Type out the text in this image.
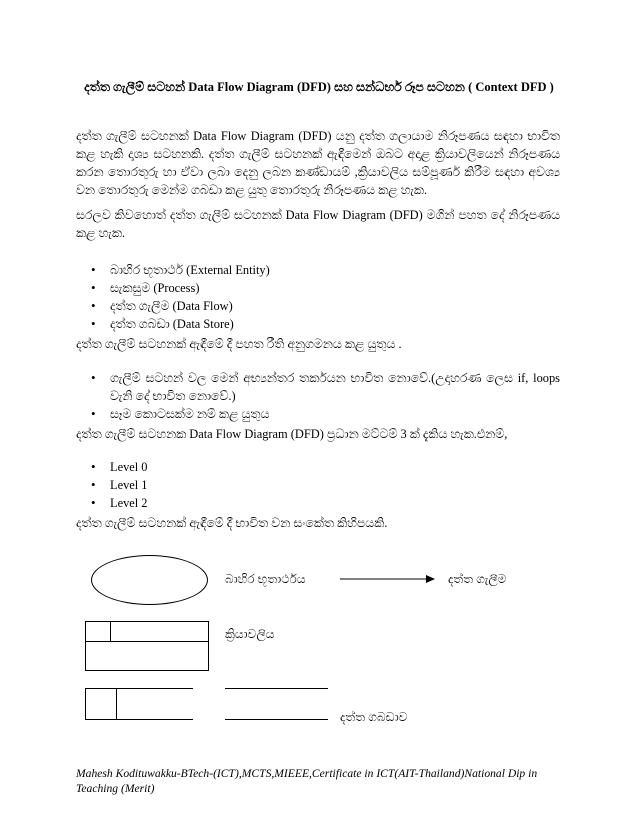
දත්ත ගැලීම් සටහන් Data Flow Diagram (DFD) සහ සන්ධර්භ රූප සටහන ( Context DFD )
දත්ත ගැලීම් සටහනක් Data Flow Diagram (DFD) යනු දත්ත ගලායාම නිරූපණය සඳහා භාවිත කළ හැකි දෘශ්‍ය සටහනකි. දත්ත ගැලීම් සටහනක් ඇඳීමෙන් ඔබට අදාළ ක්‍රියාවලියෙන් නිරූපණය කරන තොරතුරු හා ඒවා ලබා දෙනු ලබන කණ්ඩායම් ,ක්‍රියාවලිය සම්පූර්ණ කිරීම සඳහා අවශ්‍ය වන තොරතුරු මෙන්ම ගබඩා කළ යුතු තොරතුරු නිරූපණය කළ හැක.
සරලව කිවහොත් දත්ත ගැලීම් සටහනක් Data Flow Diagram (DFD) මගින් පහත දේ නිරූපණය කළ හැක.
• බාහිර භූතාර්ථ (External Entity)
• සැකසුම (Process)
• දත්ත ගැලීම (Data Flow)
• දත්ත ගබඩා (Data Store)
දත්ත ගැලීම් සටහනක් ඇඳීමේ දී පහත රීති අනුගමනය කළ යුතුය .
• ගැලීම් සටහන් වල මෙන් අභ්‍යන්තර තර්කයන භාවිත නොවේ.(උදාහරණ ලෙස if, loops වැනි දේ භාවිත නොවේ.)
• සෑම කොටසක්ම නම් කළ යුතුය
දත්ත ගැලීම් සටහනක Data Flow Diagram (DFD) ප්‍රධාන මට්ටම් 3 ක් දැකිය හැක.එනම්,
• Level 0
• Level 1
• Level 2
දත්ත ගැලීම් සටහනක් ඇඳීමේ දී භාවිත වන සංකේත කිහිපයකි.
බාහිර භූතාර්ථය	දත්ත ගැලීම
ක්‍රියාවලිය
දත්ත ගබඩාව
Mahesh Kodituwakku-BTech-(ICT),MCTS,MIEEE,Certificate in ICT(AIT-Thailand)National Dip in Teaching (Merit)
